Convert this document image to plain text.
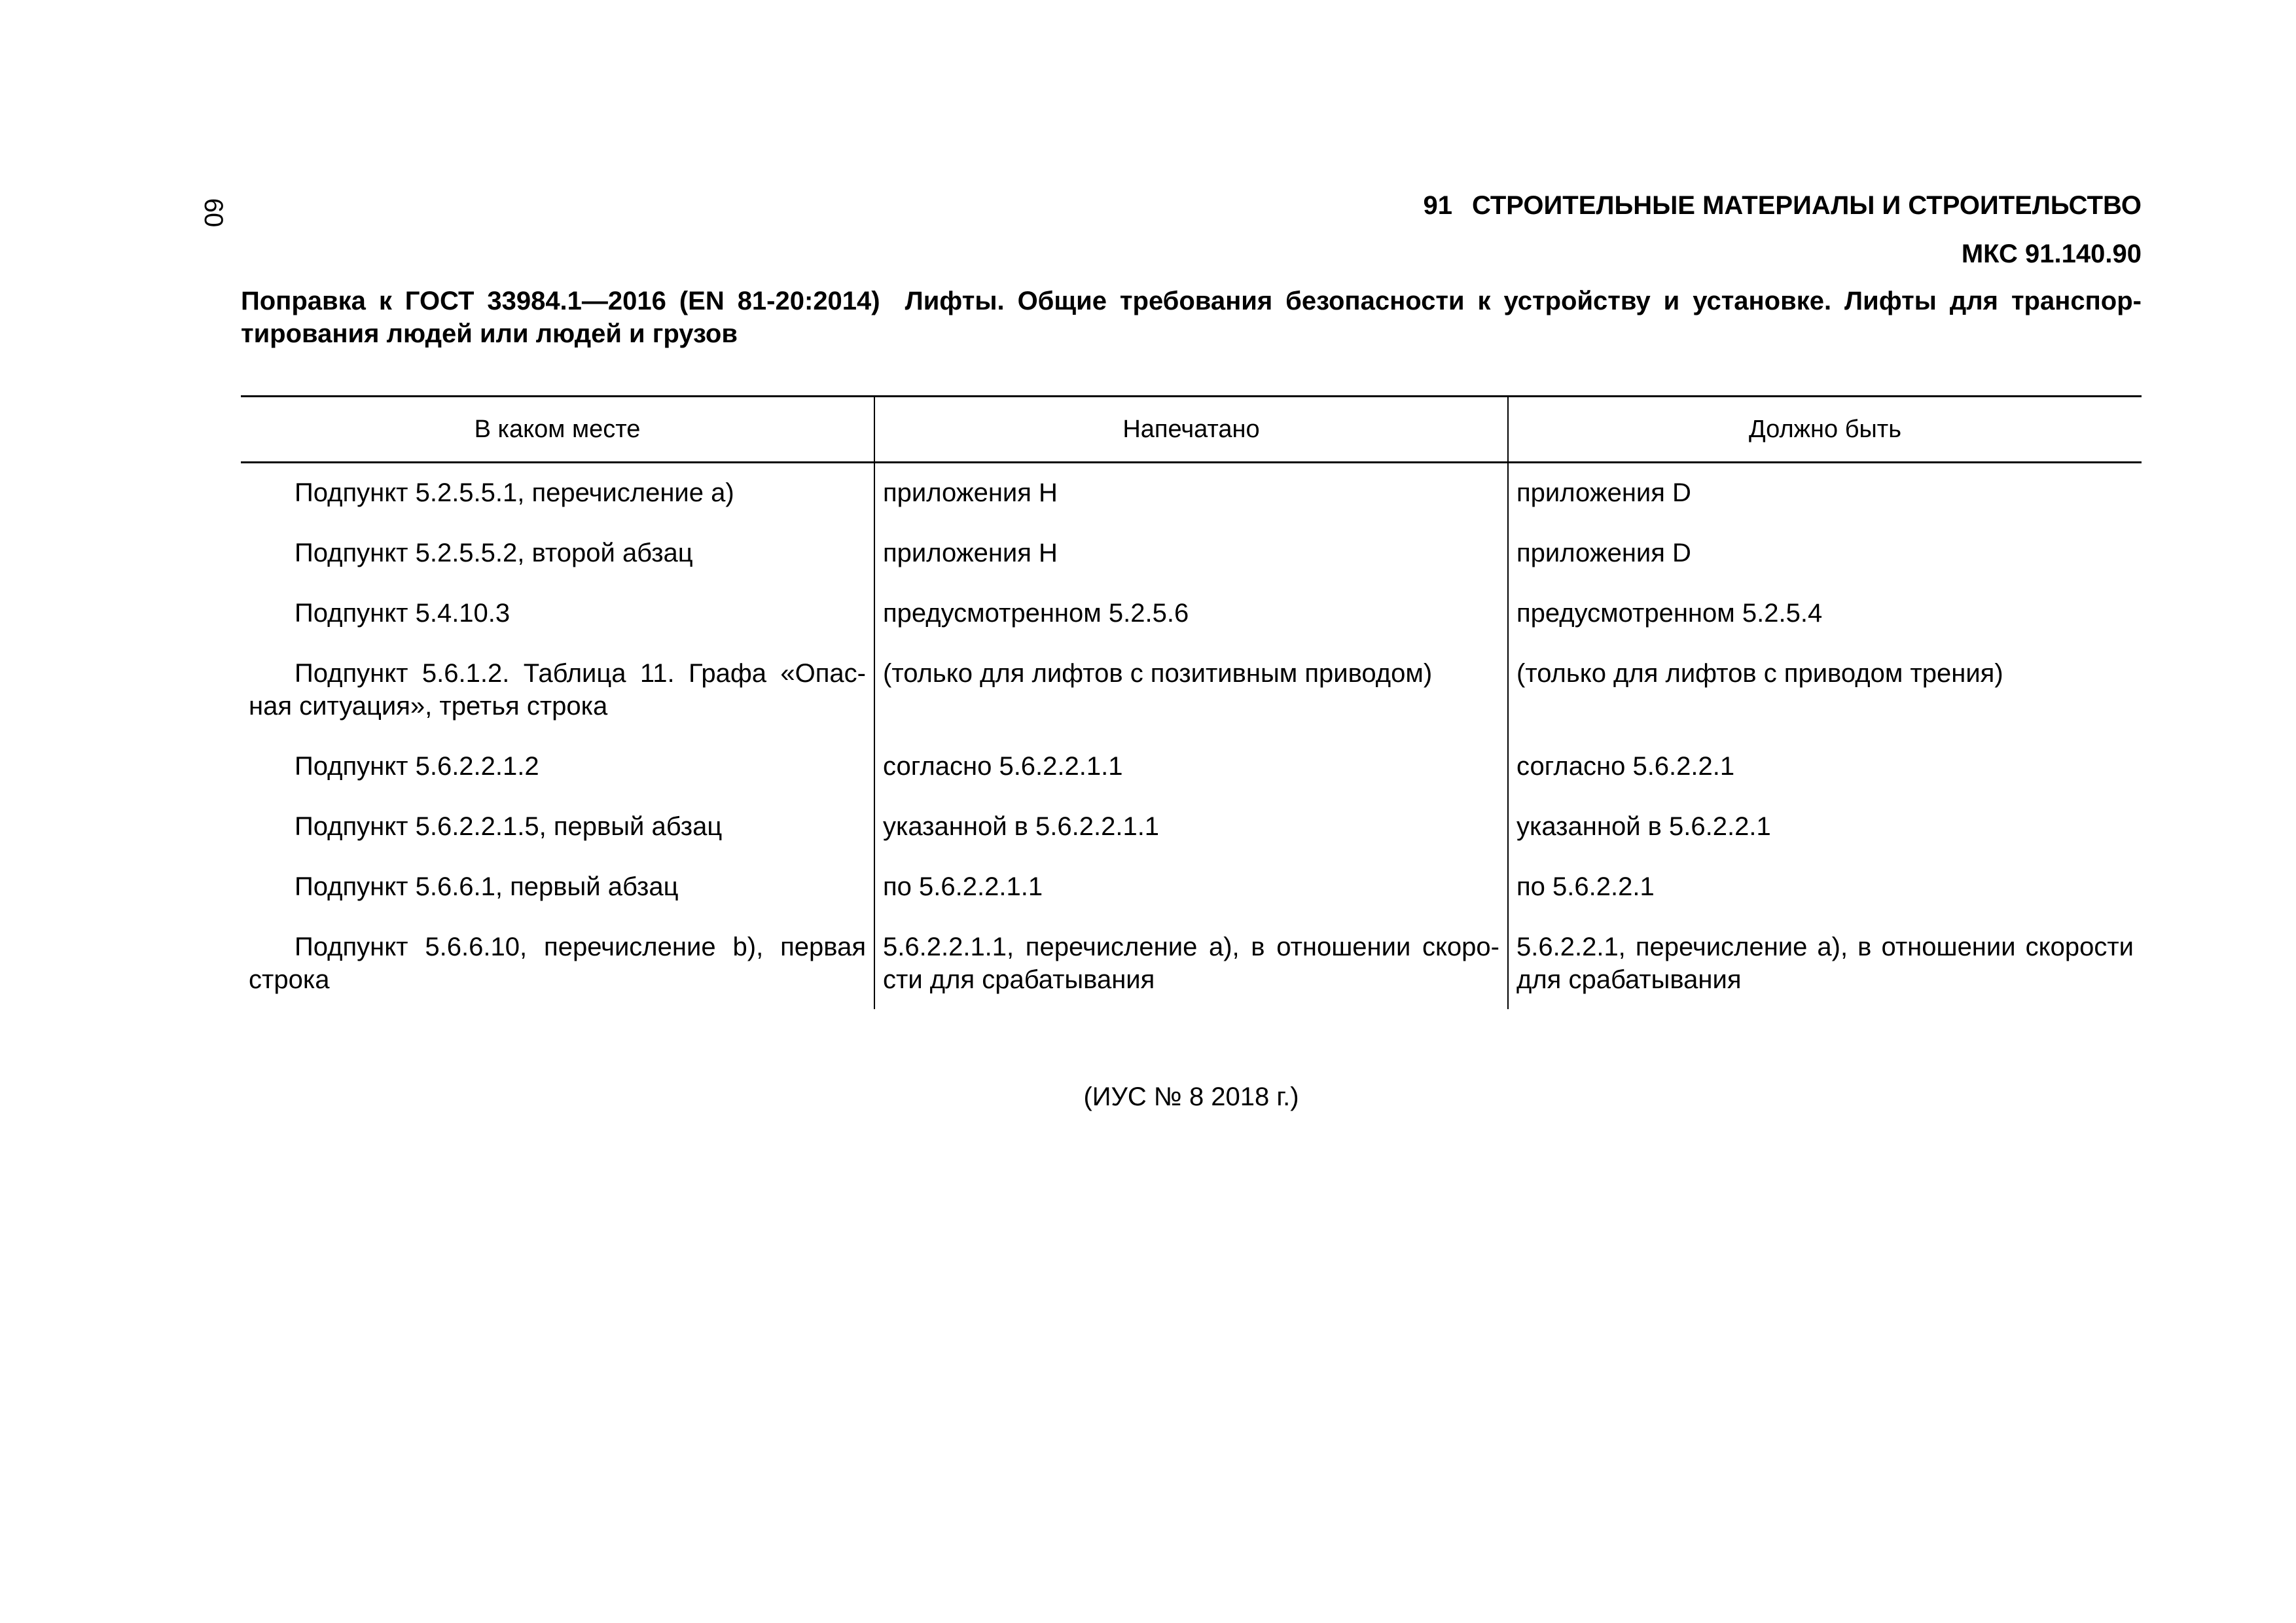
60	91 СТРОИТЕЛЬНЫЕ МАТЕРИАЛЫ И СТРОИТЕЛЬСТВО
МКС 91.140.90
Поправка к ГОСТ 33984.1—2016 (EN 81-20:2014) Лифты. Общие требования безопасности к устройству и установке. Лифты для транспортирования людей или людей и грузов
В каком месте	Напечатано	Должно быть
Подпункт 5.2.5.5.1, перечисление а)	приложения Н	приложения D
Подпункт 5.2.5.5.2, второй абзац	приложения Н	приложения D
Подпункт 5.4.10.3	предусмотренном 5.2.5.6	предусмотренном 5.2.5.4
Подпункт 5.6.1.2. Таблица 11. Графа «Опасная ситуация», третья строка	(только для лифтов с позитивным приводом)	(только для лифтов с приводом трения)
Подпункт 5.6.2.2.1.2	согласно 5.6.2.2.1.1	согласно 5.6.2.2.1
Подпункт 5.6.2.2.1.5, первый абзац	указанной в 5.6.2.2.1.1	указанной в 5.6.2.2.1
Подпункт 5.6.6.1, первый абзац	по 5.6.2.2.1.1	по 5.6.2.2.1
Подпункт 5.6.6.10, перечисление b), первая строка	5.6.2.2.1.1, перечисление а), в отношении скорости для срабатывания	5.6.2.2.1, перечисление а), в отношении скорости для срабатывания
(ИУС № 8 2018 г.)
